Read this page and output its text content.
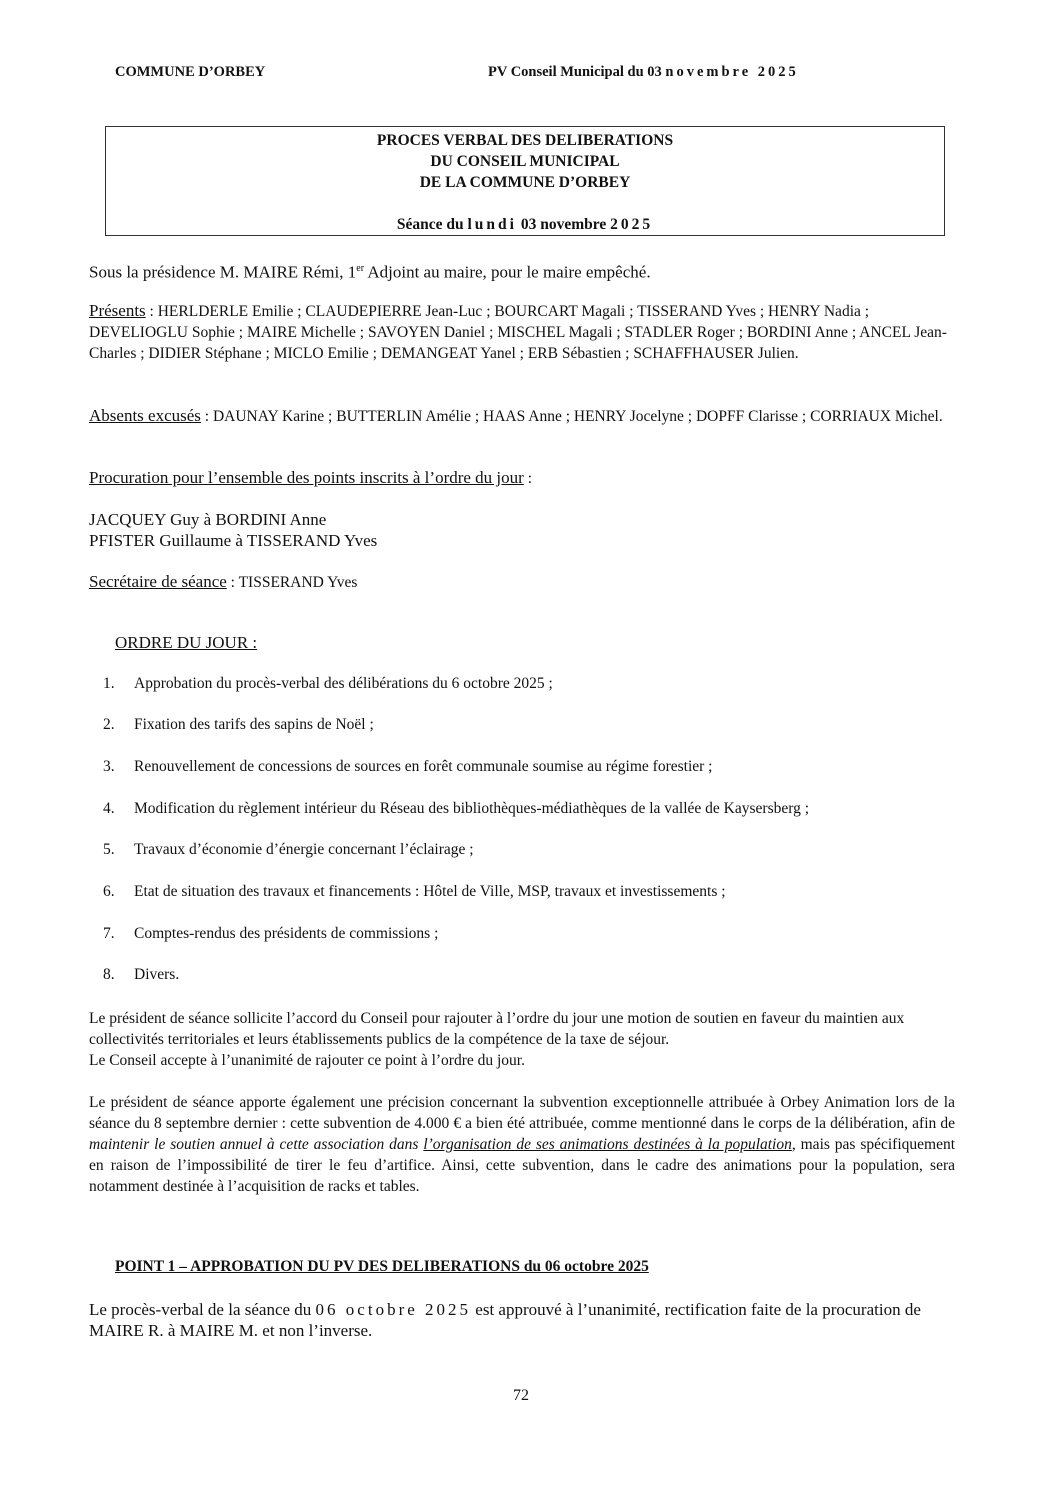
COMMUNE D’ORBEY	PV Conseil Municipal du 03 novembre 2025
PROCES VERBAL DES DELIBERATIONS
DU CONSEIL MUNICIPAL
DE LA COMMUNE D’ORBEY
Séance du lundi 03 novembre 2025
Sous la présidence M. MAIRE Rémi, 1er Adjoint au maire, pour le maire empêché.
Présents : HERLDERLE Emilie ; CLAUDEPIERRE Jean-Luc ; BOURCART Magali ; TISSERAND Yves ; HENRY Nadia ; DEVELIOGLU Sophie ; MAIRE Michelle ; SAVOYEN Daniel ; MISCHEL Magali ; STADLER Roger ; BORDINI Anne ; ANCEL Jean-Charles ; DIDIER Stéphane ; MICLO Emilie ; DEMANGEAT Yanel ; ERB Sébastien ; SCHAFFHAUSER Julien.
Absents excusés : DAUNAY Karine ; BUTTERLIN Amélie ; HAAS Anne ; HENRY Jocelyne ; DOPFF Clarisse ; CORRIAUX Michel.
Procuration pour l’ensemble des points inscrits à l’ordre du jour :
JACQUEY Guy à BORDINI Anne
PFISTER Guillaume à TISSERAND Yves
Secrétaire de séance : TISSERAND Yves
ORDRE DU JOUR :
1. Approbation du procès-verbal des délibérations du 6 octobre 2025 ;
2. Fixation des tarifs des sapins de Noël ;
3. Renouvellement de concessions de sources en forêt communale soumise au régime forestier ;
4. Modification du règlement intérieur du Réseau des bibliothèques-médiathèques de la vallée de Kaysersberg ;
5. Travaux d’économie d’énergie concernant l’éclairage ;
6. Etat de situation des travaux et financements : Hôtel de Ville, MSP, travaux et investissements ;
7. Comptes-rendus des présidents de commissions ;
8. Divers.
Le président de séance sollicite l’accord du Conseil pour rajouter à l’ordre du jour une motion de soutien en faveur du maintien aux collectivités territoriales et leurs établissements publics de la compétence de la taxe de séjour.
Le Conseil accepte à l’unanimité de rajouter ce point à l’ordre du jour.
Le président de séance apporte également une précision concernant la subvention exceptionnelle attribuée à Orbey Animation lors de la séance du 8 septembre dernier : cette subvention de 4.000 € a bien été attribuée, comme mentionné dans le corps de la délibération, afin de maintenir le soutien annuel à cette association dans l’organisation de ses animations destinées à la population, mais pas spécifiquement en raison de l’impossibilité de tirer le feu d’artifice. Ainsi, cette subvention, dans le cadre des animations pour la population, sera notamment destinée à l’acquisition de racks et tables.
POINT 1 – APPROBATION DU PV DES DELIBERATIONS du 06 octobre 2025
Le procès-verbal de la séance du 06 octobre 2025 est approuvé à l’unanimité, rectification faite de la procuration de MAIRE R. à MAIRE M. et non l’inverse.
72
